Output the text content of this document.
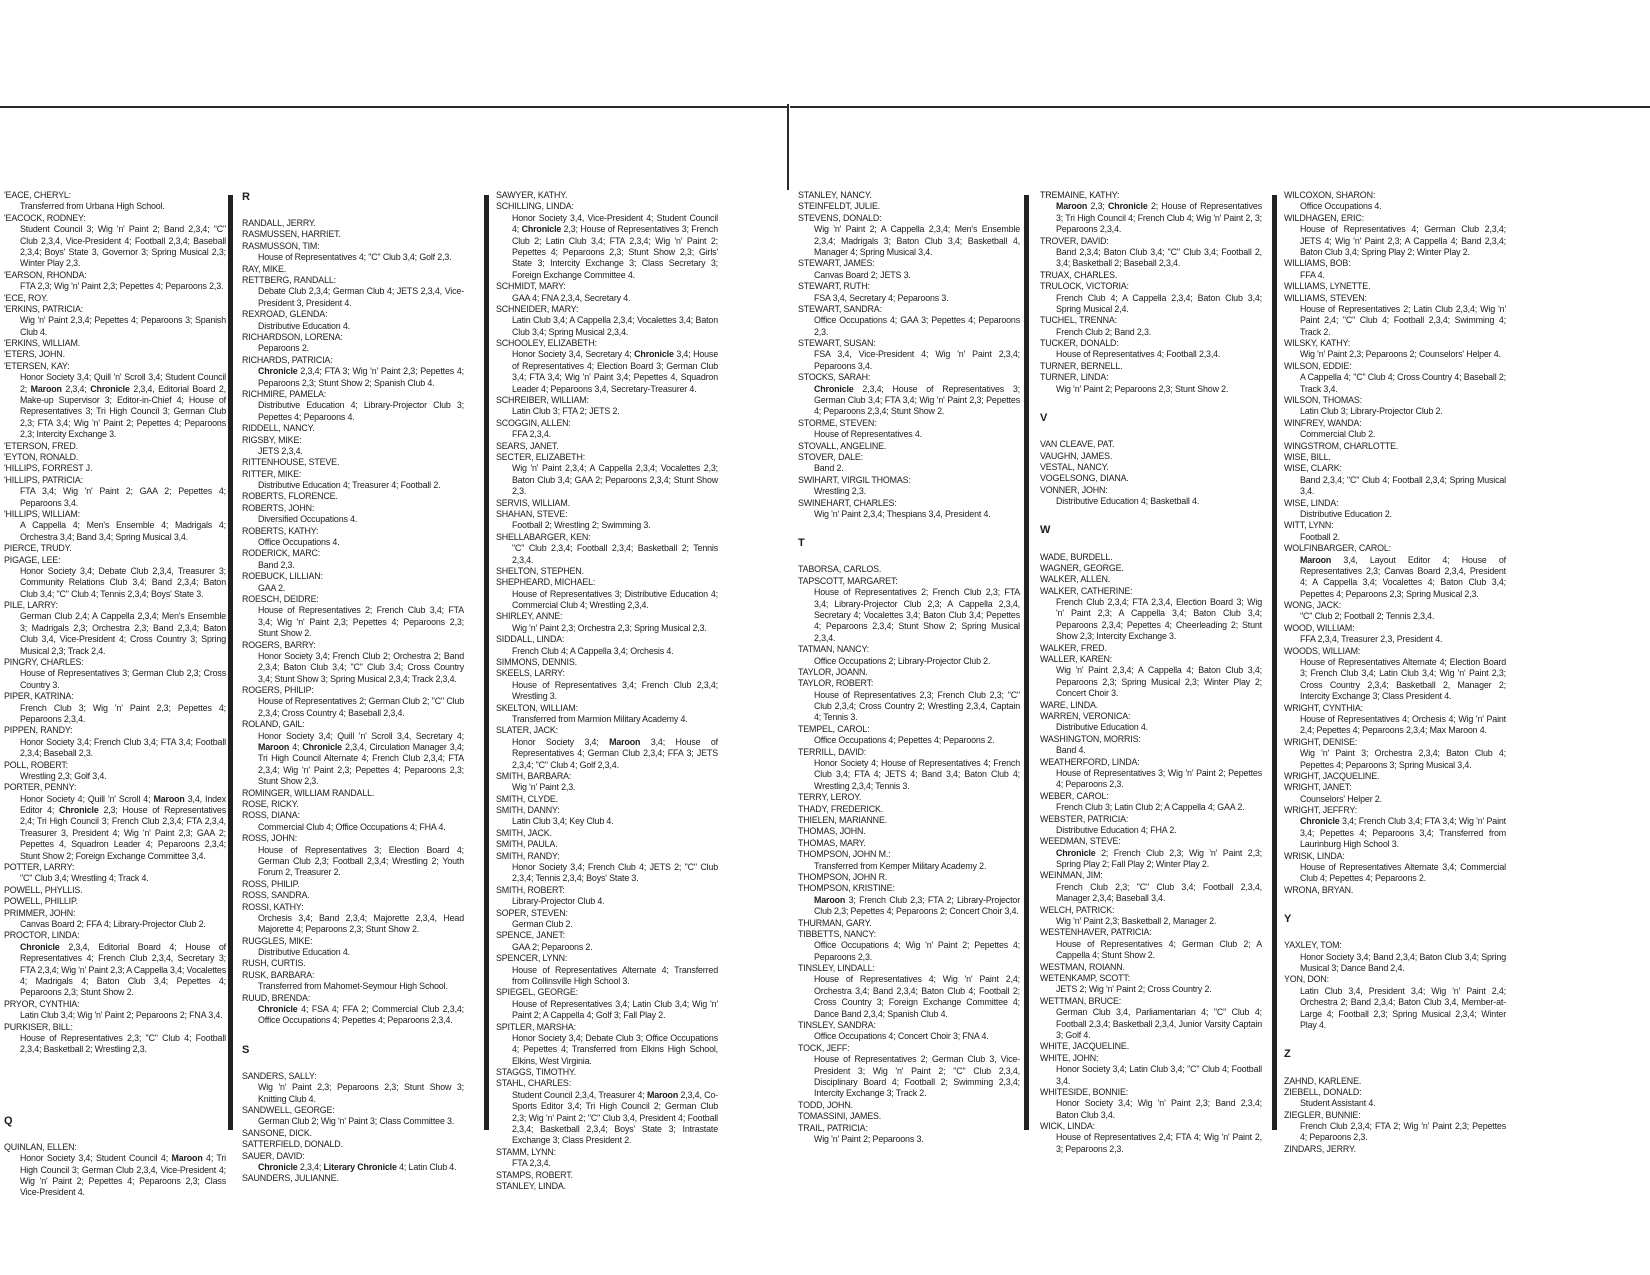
'EACE, CHERYL:
Transferred from Urbana High School.
'EACOCK, RODNEY:
Student Council 3; Wig 'n' Paint 2; Band 2,3,4; "C" Club 2,3,4, Vice-President 4; Football 2,3,4; Baseball 2,3,4; Boys' State 3, Governor 3; Spring Musical 2,3; Winter Play 2,3.
'EARSON, RHONDA:
FTA 2,3; Wig 'n' Paint 2,3; Pepettes 4; Peparoons 2,3.
'ECE, ROY.
'ERKINS, PATRICIA:
Wig 'n' Paint 2,3,4; Pepettes 4; Peparoons 3; Spanish Club 4.
'ERKINS, WILLIAM.
'ETERS, JOHN.
'ETERSEN, KAY:
Honor Society 3,4; Quill 'n' Scroll 3,4; Student Council 2; Maroon 2,3,4; Chronicle 2,3,4, Editorial Board 2, Make-up Supervisor 3; Editor-in-Chief 4; House of Representatives 3; Tri High Council 3; German Club 2,3; FTA 3,4; Wig 'n' Paint 2; Pepettes 4; Peparoons 2,3; Intercity Exchange 3.
'ETERSON, FRED.
'EYTON, RONALD.
'HILLIPS, FORREST J.
'HILLIPS, PATRICIA:
FTA 3,4; Wig 'n' Paint 2; GAA 2; Pepettes 4; Peparoons 3,4.
'HILLIPS, WILLIAM:
A Cappella 4; Men's Ensemble 4; Madrigals 4; Orchestra 3,4; Band 3,4; Spring Musical 3,4.
PIERCE, TRUDY.
PIGAGE, LEE:
Honor Society 3,4; Debate Club 2,3,4, Treasurer 3; Community Relations Club 3,4; Band 2,3,4; Baton Club 3,4; "C" Club 4; Tennis 2,3,4; Boys' State 3.
PILE, LARRY:
German Club 2,4; A Cappella 2,3,4; Men's Ensemble 3; Madrigals 2,3; Orchestra 2,3; Band 2,3,4; Baton Club 3,4, Vice-President 4; Cross Country 3; Spring Musical 2,3; Track 2,4.
PINGRY, CHARLES:
House of Representatives 3; German Club 2,3; Cross Country 3.
PIPER, KATRINA:
French Club 3; Wig 'n' Paint 2,3; Pepettes 4; Peparoons 2,3,4.
PIPPEN, RANDY:
Honor Society 3,4; French Club 3,4; FTA 3,4; Football 2,3,4; Baseball 2,3.
POLL, ROBERT:
Wrestling 2,3; Golf 3,4.
PORTER, PENNY:
Honor Society 4; Quill 'n' Scroll 4; Maroon 3,4, Index Editor 4; Chronicle 2,3; House of Representatives 2,4; Tri High Council 3; French Club 2,3,4; FTA 2,3,4, Treasurer 3, President 4; Wig 'n' Paint 2,3; GAA 2; Pepettes 4, Squadron Leader 4; Peparoons 2,3,4; Stunt Show 2; Foreign Exchange Committee 3,4.
POTTER, LARRY:
"C" Club 3,4; Wrestling 4; Track 4.
POWELL, PHYLLIS.
POWELL, PHILLIP.
PRIMMER, JOHN:
Canvas Board 2; FFA 4; Library-Projector Club 2.
PROCTOR, LINDA:
Chronicle 2,3,4, Editorial Board 4; House of Representatives 4; French Club 2,3,4, Secretary 3; FTA 2,3,4; Wig 'n' Paint 2,3; A Cappella 3,4; Vocalettes 4; Madrigals 4; Baton Club 3,4; Pepettes 4; Peparoons 2,3; Stunt Show 2.
PRYOR, CYNTHIA:
Latin Club 3,4; Wig 'n' Paint 2; Peparoons 2; FNA 3,4.
PURKISER, BILL:
House of Representatives 2,3; "C" Club 4; Football 2,3,4; Basketball 2; Wrestling 2,3.
Q
QUINLAN, ELLEN:
Honor Society 3,4; Student Council 4; Maroon 4; Tri High Council 3; German Club 2,3,4, Vice-President 4; Wig 'n' Paint 2; Pepettes 4; Peparoons 2,3; Class Vice-President 4.
R
RANDALL, JERRY.
RASMUSSEN, HARRIET.
RASMUSSON, TIM:
House of Representatives 4; "C" Club 3,4; Golf 2,3.
RAY, MIKE.
RETTBERG, RANDALL:
Debate Club 2,3,4; German Club 4; JETS 2,3,4, Vice-President 3, President 4.
REXROAD, GLENDA:
Distributive Education 4.
RICHARDSON, LORENA:
Peparoons 2.
RICHARDS, PATRICIA:
Chronicle 2,3,4; FTA 3; Wig 'n' Paint 2,3; Pepettes 4; Peparoons 2,3; Stunt Show 2; Spanish Club 4.
RICHMIRE, PAMELA:
Distributive Education 4; Library-Projector Club 3; Pepettes 4; Peparoons 4.
RIDDELL, NANCY.
RIGSBY, MIKE:
JETS 2,3,4.
RITTENHOUSE, STEVE.
RITTER, MIKE:
Distributive Education 4; Treasurer 4; Football 2.
ROBERTS, FLORENCE.
ROBERTS, JOHN:
Diversified Occupations 4.
ROBERTS, KATHY:
Office Occupations 4.
RODERICK, MARC:
Band 2,3.
ROEBUCK, LILLIAN:
GAA 2.
ROESCH, DEIDRE:
House of Representatives 2; French Club 3,4; FTA 3,4; Wig 'n' Paint 2,3; Pepettes 4; Peparoons 2,3; Stunt Show 2.
ROGERS, BARRY:
Honor Society 3,4; French Club 2; Orchestra 2; Band 2,3,4; Baton Club 3,4; "C" Club 3,4; Cross Country 3,4; Stunt Show 3; Spring Musical 2,3,4; Track 2,3,4.
ROGERS, PHILIP:
House of Representatives 2; German Club 2; "C" Club 2,3,4; Cross Country 4; Baseball 2,3,4.
ROLAND, GAIL:
Honor Society 3,4; Quill 'n' Scroll 3,4, Secretary 4; Maroon 4; Chronicle 2,3,4, Circulation Manager 3,4; Tri High Council Alternate 4; French Club 2,3,4; FTA 2,3,4; Wig 'n' Paint 2,3; Pepettes 4; Peparoons 2,3; Stunt Show 2,3.
ROMINGER, WILLIAM RANDALL.
ROSE, RICKY.
ROSS, DIANA:
Commercial Club 4; Office Occupations 4; FHA 4.
ROSS, JOHN:
House of Representatives 3; Election Board 4; German Club 2,3; Football 2,3,4; Wrestling 2; Youth Forum 2, Treasurer 2.
ROSS, PHILIP.
ROSS, SANDRA.
ROSSI, KATHY:
Orchesis 3,4; Band 2,3,4; Majorette 2,3,4, Head Majorette 4; Peparoons 2,3; Stunt Show 2.
RUGGLES, MIKE:
Distributive Education 4.
RUSH, CURTIS.
RUSK, BARBARA:
Transferred from Mahomet-Seymour High School.
RUUD, BRENDA:
Chronicle 4; FSA 4; FFA 2; Commercial Club 2,3,4; Office Occupations 4; Pepettes 4; Peparoons 2,3,4.
S
SANDERS, SALLY:
Wig 'n' Paint 2,3; Peparoons 2,3; Stunt Show 3; Knitting Club 4.
SANDWELL, GEORGE:
German Club 2; Wig 'n' Paint 3; Class Committee 3.
SANSONE, DICK.
SATTERFIELD, DONALD.
SAUER, DAVID:
Chronicle 2,3,4; Literary Chronicle 4; Latin Club 4.
SAUNDERS, JULIANNE.
SAWYER, KATHY.
SCHILLING, LINDA:
Honor Society 3,4, Vice-President 4; Student Council 4; Chronicle 2,3; House of Representatives 3; French Club 2; Latin Club 3,4; FTA 2,3,4; Wig 'n' Paint 2; Pepettes 4; Peparoons 2,3; Stunt Show 2,3; Girls' State 3; Intercity Exchange 3; Class Secretary 3; Foreign Exchange Committee 4.
SCHMIDT, MARY:
GAA 4; FNA 2,3,4, Secretary 4.
SCHNEIDER, MARY:
Latin Club 3,4; A Cappella 2,3,4; Vocalettes 3,4; Baton Club 3,4; Spring Musical 2,3,4.
SCHOOLEY, ELIZABETH:
Honor Society 3,4, Secretary 4; Chronicle 3,4; House of Representatives 4; Election Board 3; German Club 3,4; FTA 3,4; Wig 'n' Paint 3,4; Pepettes 4, Squadron Leader 4; Peparoons 3,4, Secretary-Treasurer 4.
SCHREIBER, WILLIAM:
Latin Club 3; FTA 2; JETS 2.
SCOGGIN, ALLEN:
FFA 2,3,4.
SEARS, JANET.
SECTER, ELIZABETH:
Wig 'n' Paint 2,3,4; A Cappella 2,3,4; Vocalettes 2,3; Baton Club 3,4; GAA 2; Peparoons 2,3,4; Stunt Show 2,3.
SERVIS, WILLIAM.
SHAHAN, STEVE:
Football 2; Wrestling 2; Swimming 3.
SHELLABARGER, KEN:
"C" Club 2,3,4; Football 2,3,4; Basketball 2; Tennis 2,3,4.
SHELTON, STEPHEN.
SHEPHEARD, MICHAEL:
House of Representatives 3; Distributive Education 4; Commercial Club 4; Wrestling 2,3,4.
SHIRLEY, ANNE:
Wig 'n' Paint 2,3; Orchestra 2,3; Spring Musical 2,3.
SIDDALL, LINDA:
French Club 4; A Cappella 3,4; Orchesis 4.
SIMMONS, DENNIS.
SKEELS, LARRY:
House of Representatives 3,4; French Club 2,3,4; Wrestling 3.
SKELTON, WILLIAM:
Transferred from Marmion Military Academy 4.
SLATER, JACK:
Honor Society 3,4; Maroon 3,4; House of Representatives 4; German Club 2,3,4; FFA 3; JETS 2,3,4; "C" Club 4; Golf 2,3,4.
SMITH, BARBARA:
Wig 'n' Paint 2,3.
SMITH, CLYDE.
SMITH, DANNY:
Latin Club 3,4; Key Club 4.
SMITH, JACK.
SMITH, PAULA.
SMITH, RANDY:
Honor Society 3,4; French Club 4; JETS 2; "C" Club 2,3,4; Tennis 2,3,4; Boys' State 3.
SMITH, ROBERT:
Library-Projector Club 4.
SOPER, STEVEN:
German Club 2.
SPENCE, JANET:
GAA 2; Peparoons 2.
SPENCER, LYNN:
House of Representatives Alternate 4; Transferred from Collinsville High School 3.
SPIEGEL, GEORGE:
House of Representatives 3,4; Latin Club 3,4; Wig 'n' Paint 2; A Cappella 4; Golf 3; Fall Play 2.
SPITLER, MARSHA:
Honor Society 3,4; Debate Club 3; Office Occupations 4; Pepettes 4; Transferred from Elkins High School, Elkins, West Virginia.
STAGGS, TIMOTHY.
STAHL, CHARLES:
Student Council 2,3,4, Treasurer 4; Maroon 2,3,4, Co-Sports Editor 3,4; Tri High Council 2; German Club 2,3; Wig 'n' Paint 2; "C" Club 3,4, President 4; Football 2,3,4; Basketball 2,3,4; Boys' State 3; Intrastate Exchange 3; Class President 2.
STAMM, LYNN:
FTA 2,3,4.
STAMPS, ROBERT.
STANLEY, LINDA.
STANLEY, NANCY.
STEINFELDT, JULIE.
STEVENS, DONALD:
Wig 'n' Paint 2; A Cappella 2,3,4; Men's Ensemble 2,3,4; Madrigals 3; Baton Club 3,4; Basketball 4, Manager 4; Spring Musical 3,4.
STEWART, JAMES:
Canvas Board 2; JETS 3.
STEWART, RUTH:
FSA 3,4, Secretary 4; Peparoons 3.
STEWART, SANDRA:
Office Occupations 4; GAA 3; Pepettes 4; Peparoons 2,3.
STEWART, SUSAN:
FSA 3,4, Vice-President 4; Wig 'n' Paint 2,3,4; Peparoons 3,4.
STOCKS, SARAH:
Chronicle 2,3,4; House of Representatives 3; German Club 3,4; FTA 3,4; Wig 'n' Paint 2,3; Pepettes 4; Peparoons 2,3,4; Stunt Show 2.
STORME, STEVEN:
House of Representatives 4.
STOVALL, ANGELINE.
STOVER, DALE:
Band 2.
SWIHART, VIRGIL THOMAS:
Wrestling 2,3.
SWINEHART, CHARLES:
Wig 'n' Paint 2,3,4; Thespians 3,4, President 4.
T
TABORSA, CARLOS.
TAPSCOTT, MARGARET:
House of Representatives 2; French Club 2,3; FTA 3,4; Library-Projector Club 2,3; A Cappella 2,3,4, Secretary 4; Vocalettes 3,4; Baton Club 3,4; Pepettes 4; Peparoons 2,3,4; Stunt Show 2; Spring Musical 2,3,4.
TATMAN, NANCY:
Office Occupations 2; Library-Projector Club 2.
TAYLOR, JOANN.
TAYLOR, ROBERT:
House of Representatives 2,3; French Club 2,3; "C" Club 2,3,4; Cross Country 2; Wrestling 2,3,4, Captain 4; Tennis 3.
TEMPEL, CAROL:
Office Occupations 4; Pepettes 4; Peparoons 2.
TERRILL, DAVID:
Honor Society 4; House of Representatives 4; French Club 3,4; FTA 4; JETS 4; Band 3,4; Baton Club 4; Wrestling 2,3,4; Tennis 3.
TERRY, LEROY.
THADY, FREDERICK.
THIELEN, MARIANNE.
THOMAS, JOHN.
THOMAS, MARY.
THOMPSON, JOHN M.:
Transferred from Kemper Military Academy 2.
THOMPSON, JOHN R.
THOMPSON, KRISTINE:
Maroon 3; French Club 2,3; FTA 2; Library-Projector Club 2,3; Pepettes 4; Peparoons 2; Concert Choir 3,4.
THURMAN, GARY.
TIBBETTS, NANCY:
Office Occupations 4; Wig 'n' Paint 2; Pepettes 4; Peparoons 2,3.
TINSLEY, LINDALL:
House of Representatives 4; Wig 'n' Paint 2,4; Orchestra 3,4; Band 2,3,4; Baton Club 4; Football 2; Cross Country 3; Foreign Exchange Committee 4; Dance Band 2,3,4; Spanish Club 4.
TINSLEY, SANDRA:
Office Occupations 4; Concert Choir 3; FNA 4.
TOCK, JEFF:
House of Representatives 2; German Club 3, Vice-President 3; Wig 'n' Paint 2; "C" Club 2,3,4, Disciplinary Board 4; Football 2; Swimming 2,3,4; Intercity Exchange 3; Track 2.
TODD, JOHN.
TOMASSINI, JAMES.
TRAIL, PATRICIA:
Wig 'n' Paint 2; Peparoons 3.
TREMAINE, KATHY:
Maroon 2,3; Chronicle 2; House of Representatives 3; Tri High Council 4; French Club 4; Wig 'n' Paint 2, 3; Peparoons 2,3,4.
TROVER, DAVID:
Band 2,3,4; Baton Club 3,4; "C" Club 3,4; Football 2, 3,4; Basketball 2; Baseball 2,3,4.
TRUAX, CHARLES.
TRULOCK, VICTORIA:
French Club 4; A Cappella 2,3,4; Baton Club 3,4; Spring Musical 2,4.
TUCHEL, TRENNA:
French Club 2; Band 2,3.
TUCKER, DONALD:
House of Representatives 4; Football 2,3,4.
TURNER, BERNELL.
TURNER, LINDA:
Wig 'n' Paint 2; Peparoons 2,3; Stunt Show 2.
V
VAN CLEAVE, PAT.
VAUGHN, JAMES.
VESTAL, NANCY.
VOGELSONG, DIANA.
VONNER, JOHN:
Distributive Education 4; Basketball 4.
W
WADE, BURDELL.
WAGNER, GEORGE.
WALKER, ALLEN.
WALKER, CATHERINE:
French Club 2,3,4; FTA 2,3,4, Election Board 3; Wig 'n' Paint 2,3; A Cappella 3,4; Baton Club 3,4; Peparoons 2,3,4; Pepettes 4; Cheerleading 2; Stunt Show 2,3; Intercity Exchange 3.
WALKER, FRED.
WALLER, KAREN:
Wig 'n' Paint 2,3,4; A Cappella 4; Baton Club 3,4; Peparoons 2,3; Spring Musical 2,3; Winter Play 2; Concert Choir 3.
WARE, LINDA.
WARREN, VERONICA:
Distributive Education 4.
WASHINGTON, MORRIS:
Band 4.
WEATHERFORD, LINDA:
House of Representatives 3; Wig 'n' Paint 2; Pepettes 4; Peparoons 2,3.
WEBER, CAROL:
French Club 3; Latin Club 2; A Cappella 4; GAA 2.
WEBSTER, PATRICIA:
Distributive Education 4; FHA 2.
WEEDMAN, STEVE:
Chronicle 2; French Club 2,3; Wig 'n' Paint 2,3; Spring Play 2; Fall Play 2; Winter Play 2.
WEINMAN, JIM:
French Club 2,3; "C" Club 3,4; Football 2,3,4, Manager 2,3,4; Baseball 3,4.
WELCH, PATRICK:
Wig 'n' Paint 2,3; Basketball 2, Manager 2.
WESTENHAVER, PATRICIA:
House of Representatives 4; German Club 2; A Cappella 4; Stunt Show 2.
WESTMAN, ROIANN.
WETENKAMP, SCOTT:
JETS 2; Wig 'n' Paint 2; Cross Country 2.
WETTMAN, BRUCE:
German Club 3,4, Parliamentarian 4; "C" Club 4; Football 2,3,4; Basketball 2,3,4, Junior Varsity Captain 3; Golf 4.
WHITE, JACQUELINE.
WHITE, JOHN:
Honor Society 3,4; Latin Club 3,4; "C" Club 4; Football 3,4.
WHITESIDE, BONNIE:
Honor Society 3,4; Wig 'n' Paint 2,3; Band 2,3,4; Baton Club 3,4.
WICK, LINDA:
House of Representatives 2,4; FTA 4; Wig 'n' Paint 2, 3; Peparoons 2,3.
WILCOXON, SHARON:
Office Occupations 4.
WILDHAGEN, ERIC:
House of Representatives 4; German Club 2,3,4; JETS 4; Wig 'n' Paint 2,3; A Cappella 4; Band 2,3,4; Baton Club 3,4; Spring Play 2; Winter Play 2.
WILLIAMS, BOB:
FFA 4.
WILLIAMS, LYNETTE.
WILLIAMS, STEVEN:
House of Representatives 2; Latin Club 2,3,4; Wig 'n' Paint 2,4; "C" Club 4; Football 2,3,4; Swimming 4; Track 2.
WILSKY, KATHY:
Wig 'n' Paint 2,3; Peparoons 2; Counselors' Helper 4.
WILSON, EDDIE:
A Cappella 4; "C" Club 4; Cross Country 4; Baseball 2; Track 3,4.
WILSON, THOMAS:
Latin Club 3; Library-Projector Club 2.
WINFREY, WANDA:
Commercial Club 2.
WINGSTROM, CHARLOTTE.
WISE, BILL.
WISE, CLARK:
Band 2,3,4; "C" Club 4; Football 2,3,4; Spring Musical 3,4.
WISE, LINDA:
Distributive Education 2.
WITT, LYNN:
Football 2.
WOLFINBARGER, CAROL:
Maroon 3,4, Layout Editor 4; House of Representatives 2,3; Canvas Board 2,3,4, President 4; A Cappella 3,4; Vocalettes 4; Baton Club 3,4; Pepettes 4; Peparoons 2,3; Spring Musical 2,3.
WONG, JACK:
"C" Club 2; Football 2; Tennis 2,3,4.
WOOD, WILLIAM:
FFA 2,3,4, Treasurer 2,3, President 4.
WOODS, WILLIAM:
House of Representatives Alternate 4; Election Board 3; French Club 3,4; Latin Club 3,4; Wig 'n' Paint 2,3; Cross Country 2,3,4; Basketball 2, Manager 2; Intercity Exchange 3; Class President 4.
WRIGHT, CYNTHIA:
House of Representatives 4; Orchesis 4; Wig 'n' Paint 2,4; Pepettes 4; Peparoons 2,3,4; Max Maroon 4.
WRIGHT, DENISE:
Wig 'n' Paint 3; Orchestra 2,3,4; Baton Club 4; Pepettes 4; Peparoons 3; Spring Musical 3,4.
WRIGHT, JACQUELINE.
WRIGHT, JANET:
Counselors' Helper 2.
WRIGHT, JEFFRY:
Chronicle 3,4; French Club 3,4; FTA 3,4; Wig 'n' Paint 3,4; Pepettes 4; Peparoons 3,4; Transferred from Laurinburg High School 3.
WRISK, LINDA:
House of Representatives Alternate 3,4; Commercial Club 4; Pepettes 4; Peparoons 2.
WRONA, BRYAN.
Y
YAXLEY, TOM:
Honor Society 3,4; Band 2,3,4; Baton Club 3,4; Spring Musical 3; Dance Band 2,4.
YON, DON:
Latin Club 3,4, President 3,4; Wig 'n' Paint 2,4; Orchestra 2; Band 2,3,4; Baton Club 3,4, Member-at-Large 4; Football 2,3; Spring Musical 2,3,4; Winter Play 4.
Z
ZAHND, KARLENE.
ZIEBELL, DONALD:
Student Assistant 4.
ZIEGLER, BUNNIE:
French Club 2,3,4; FTA 2; Wig 'n' Paint 2,3; Pepettes 4; Peparoons 2,3.
ZINDARS, JERRY.
